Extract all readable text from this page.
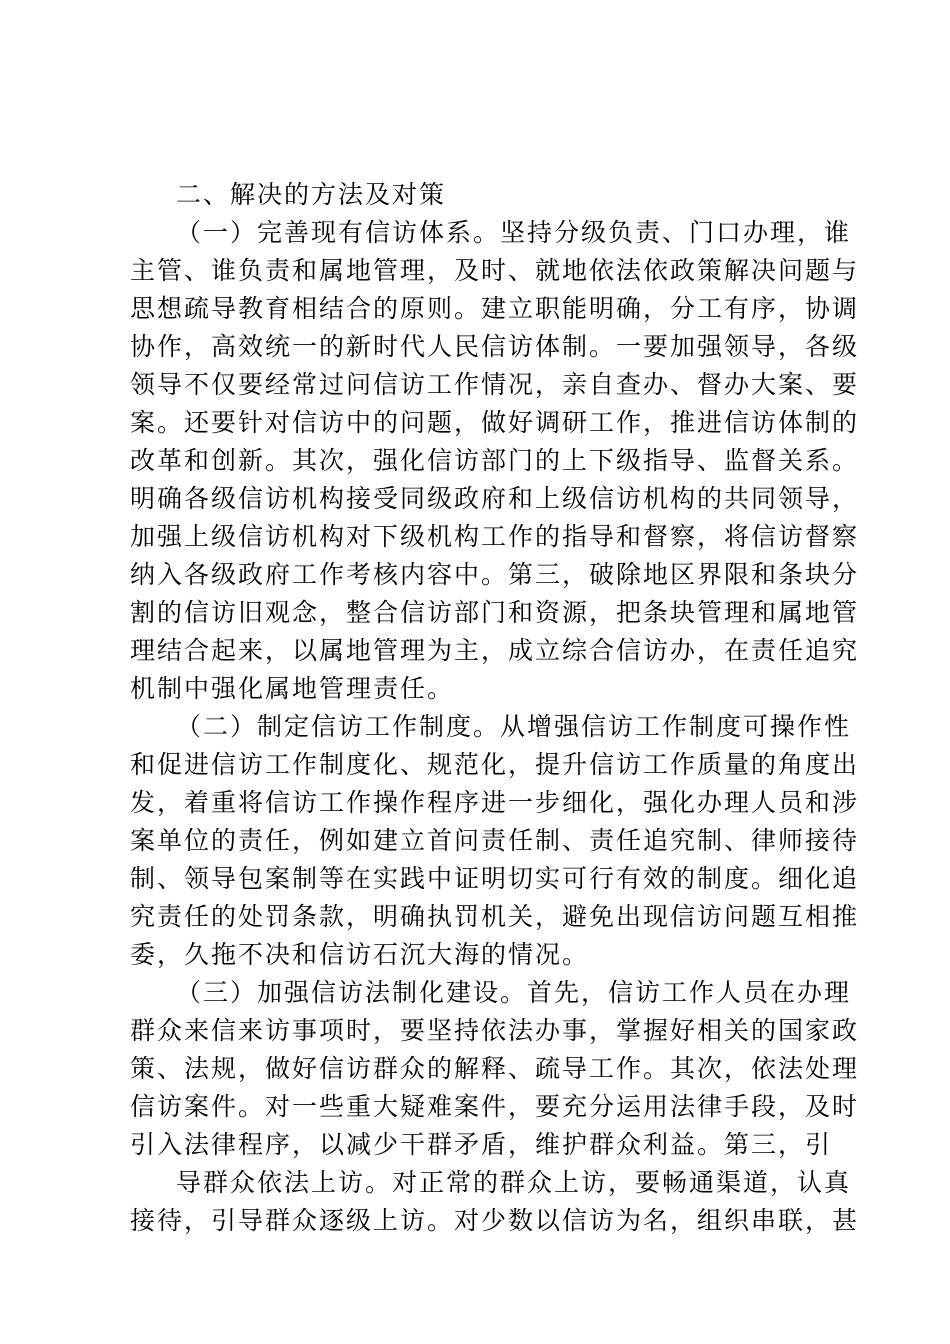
二、解决的方法及对策
（一）完善现有信访体系。坚持分级负责、门口办理，谁
主管、谁负责和属地管理，及时、就地依法依政策解决问题与
思想疏导教育相结合的原则。建立职能明确，分工有序，协调
协作，高效统一的新时代人民信访体制。一要加强领导，各级
领导不仅要经常过问信访工作情况，亲自查办、督办大案、要
案。还要针对信访中的问题，做好调研工作，推进信访体制的
改革和创新。其次，强化信访部门的上下级指导、监督关系。
明确各级信访机构接受同级政府和上级信访机构的共同领导，
加强上级信访机构对下级机构工作的指导和督察，将信访督察
纳入各级政府工作考核内容中。第三，破除地区界限和条块分
割的信访旧观念，整合信访部门和资源，把条块管理和属地管
理结合起来，以属地管理为主，成立综合信访办，在责任追究
机制中强化属地管理责任。
（二）制定信访工作制度。从增强信访工作制度可操作性
和促进信访工作制度化、规范化，提升信访工作质量的角度出
发，着重将信访工作操作程序进一步细化，强化办理人员和涉
案单位的责任，例如建立首问责任制、责任追究制、律师接待
制、领导包案制等在实践中证明切实可行有效的制度。细化追
究责任的处罚条款，明确执罚机关，避免出现信访问题互相推
委，久拖不决和信访石沉大海的情况。
（三）加强信访法制化建设。首先，信访工作人员在办理
群众来信来访事项时，要坚持依法办事，掌握好相关的国家政
策、法规，做好信访群众的解释、疏导工作。其次，依法处理
信访案件。对一些重大疑难案件，要充分运用法律手段，及时
引入法律程序，以减少干群矛盾，维护群众利益。第三，引
导群众依法上访。对正常的群众上访，要畅通渠道，认真
接待，引导群众逐级上访。对少数以信访为名，组织串联，甚
